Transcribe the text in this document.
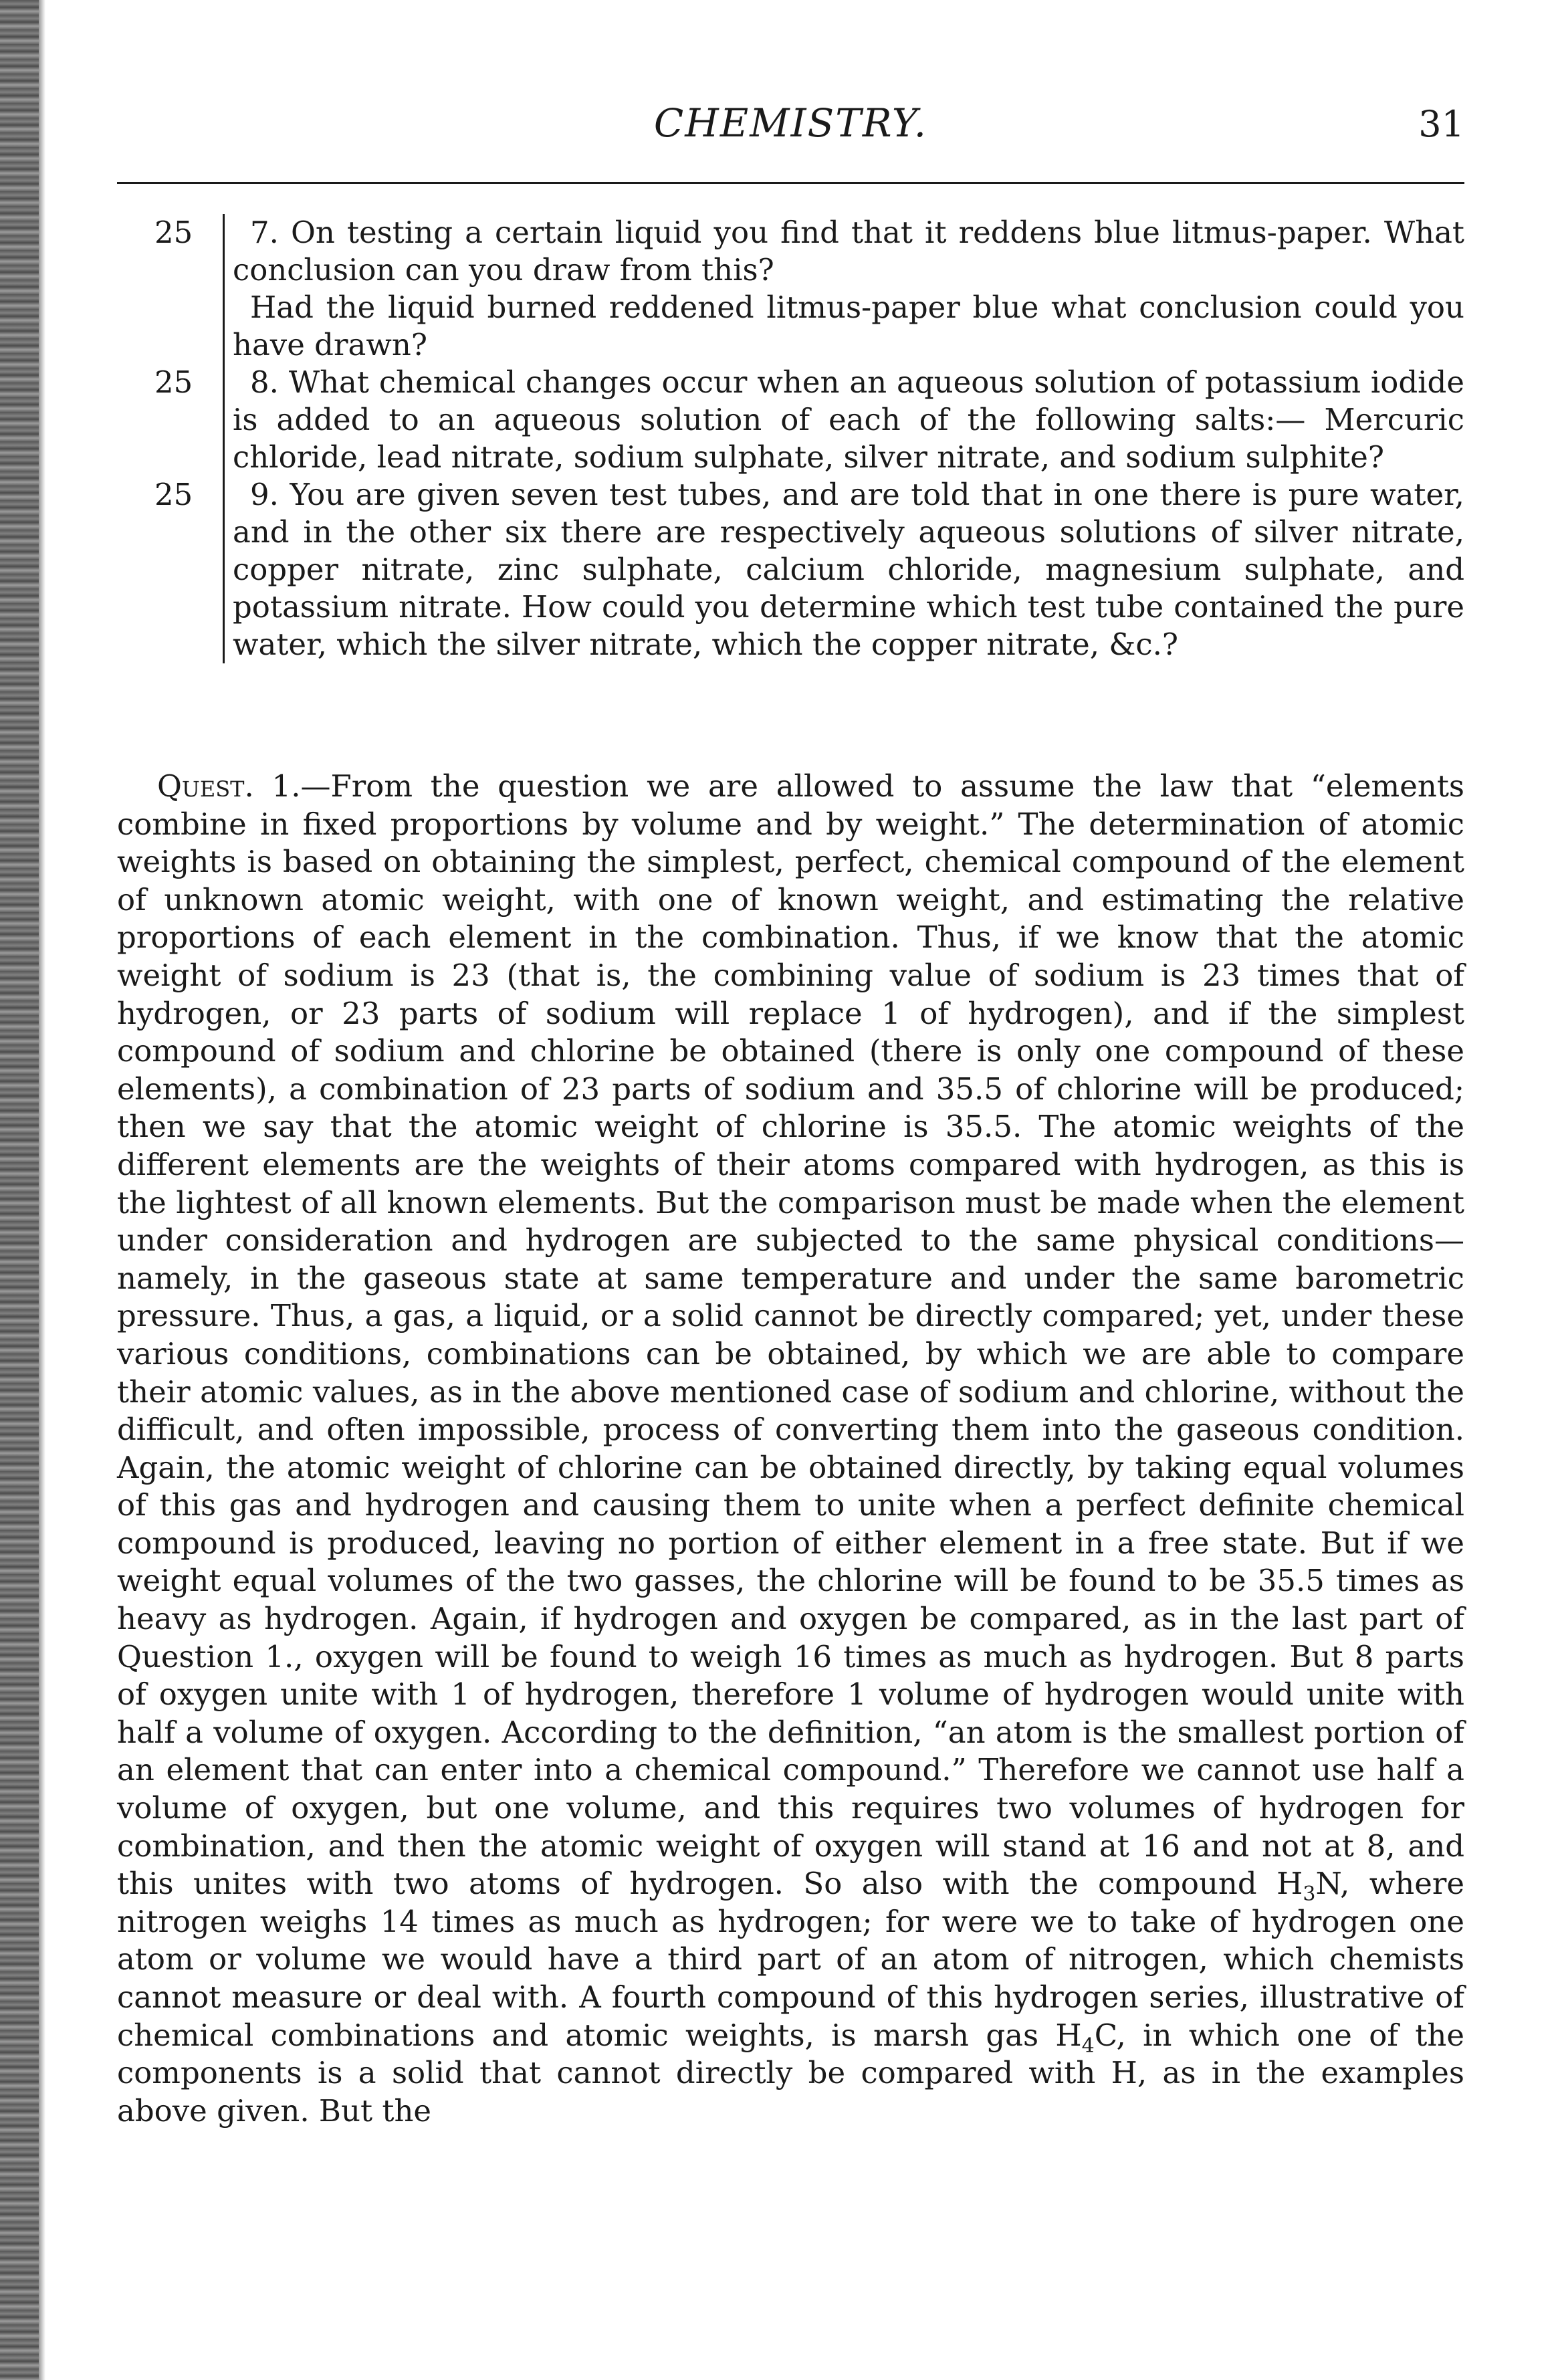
CHEMISTRY.	31
25	7. On testing a certain liquid you find that it reddens blue litmus-paper. What conclusion can you draw from this?

Had the liquid burned reddened litmus-paper blue what conclusion could you have drawn?

25	8. What chemical changes occur when an aqueous solution of potassium iodide is added to an aqueous solution of each of the following salts:— Mercuric chloride, lead nitrate, sodium sulphate, silver nitrate, and sodium sulphite?

25	9. You are given seven test tubes, and are told that in one there is pure water, and in the other six there are respectively aqueous solutions of silver nitrate, copper nitrate, zinc sulphate, calcium chloride, magnesium sulphate, and potassium nitrate. How could you determine which test tube contained the pure water, which the silver nitrate, which the copper nitrate, &c.?

Quest. 1.—From the question we are allowed to assume the law that “elements combine in fixed proportions by volume and by weight.” The determination of atomic weights is based on obtaining the simplest, perfect, chemical compound of the element of unknown atomic weight, with one of known weight, and estimating the relative proportions of each element in the combination. Thus, if we know that the atomic weight of sodium is 23 (that is, the combining value of sodium is 23 times that of hydrogen, or 23 parts of sodium will replace 1 of hydrogen), and if the simplest compound of sodium and chlorine be obtained (there is only one compound of these elements), a combination of 23 parts of sodium and 35.5 of chlorine will be produced; then we say that the atomic weight of chlorine is 35.5. The atomic weights of the different elements are the weights of their atoms compared with hydrogen, as this is the lightest of all known elements. But the comparison must be made when the element under consideration and hydrogen are subjected to the same physical conditions— namely, in the gaseous state at same temperature and under the same barometric pressure. Thus, a gas, a liquid, or a solid cannot be directly compared; yet, under these various conditions, combinations can be obtained, by which we are able to compare their atomic values, as in the above mentioned case of sodium and chlorine, without the difficult, and often impossible, process of converting them into the gaseous condition. Again, the atomic weight of chlorine can be obtained directly, by taking equal volumes of this gas and hydrogen and causing them to unite when a perfect definite chemical compound is produced, leaving no portion of either element in a free state. But if we weight equal volumes of the two gasses, the chlorine will be found to be 35.5 times as heavy as hydrogen. Again, if hydrogen and oxygen be compared, as in the last part of Question 1., oxygen will be found to weigh 16 times as much as hydrogen. But 8 parts of oxygen unite with 1 of hydrogen, therefore 1 volume of hydrogen would unite with half a volume of oxygen. According to the definition, “an atom is the smallest portion of an element that can enter into a chemical compound.” Therefore we cannot use half a volume of oxygen, but one volume, and this requires two volumes of hydrogen for combination, and then the atomic weight of oxygen will stand at 16 and not at 8, and this unites with two atoms of hydrogen. So also with the compound $H_3N$, where nitrogen weighs 14 times as much as hydrogen; for were we to take of hydrogen one atom or volume we would have a third part of an atom of nitrogen, which chemists cannot measure or deal with. A fourth compound of this hydrogen series, illustrative of chemical combinations and atomic weights, is marsh gas $H_4C$, in which one of the components is a solid that cannot directly be compared with H, as in the examples above given. But the
